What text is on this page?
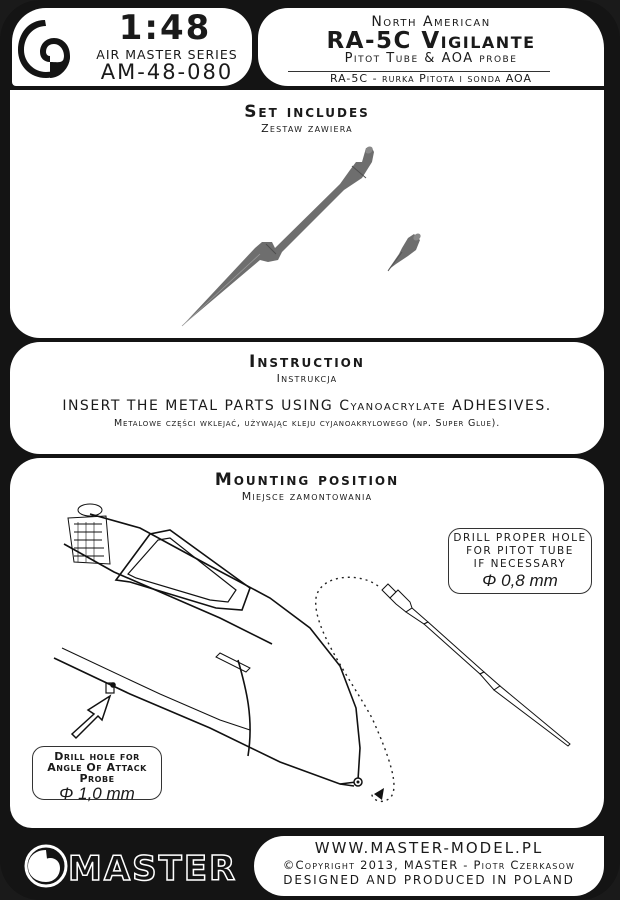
1:48
AIR MASTER SERIES
AM-48-080
North American
RA-5C Vigilante
Pitot Tube & AOA probe
RA-5C - rurka Pitota i sonda AOA
Set includes
Zestaw zawiera
Instruction
Instrukcja
INSERT THE METAL PARTS USING Cyanoacrylate ADHESIVES.
Metalowe części wklejać, używając kleju cyjanoakrylowego (np. Super Glue).
Mounting position
Miejsce zamontowania
DRILL PROPER HOLE
FOR PITOT TUBE
IF NECESSARY
Φ 0,8 mm
Drill hole for
Angle Of Attack
Probe
Φ 1,0 mm
MASTER
WWW.MASTER-MODEL.PL
©Copyright 2013, MASTER - Piotr Czerkasow
DESIGNED AND PRODUCED IN POLAND
